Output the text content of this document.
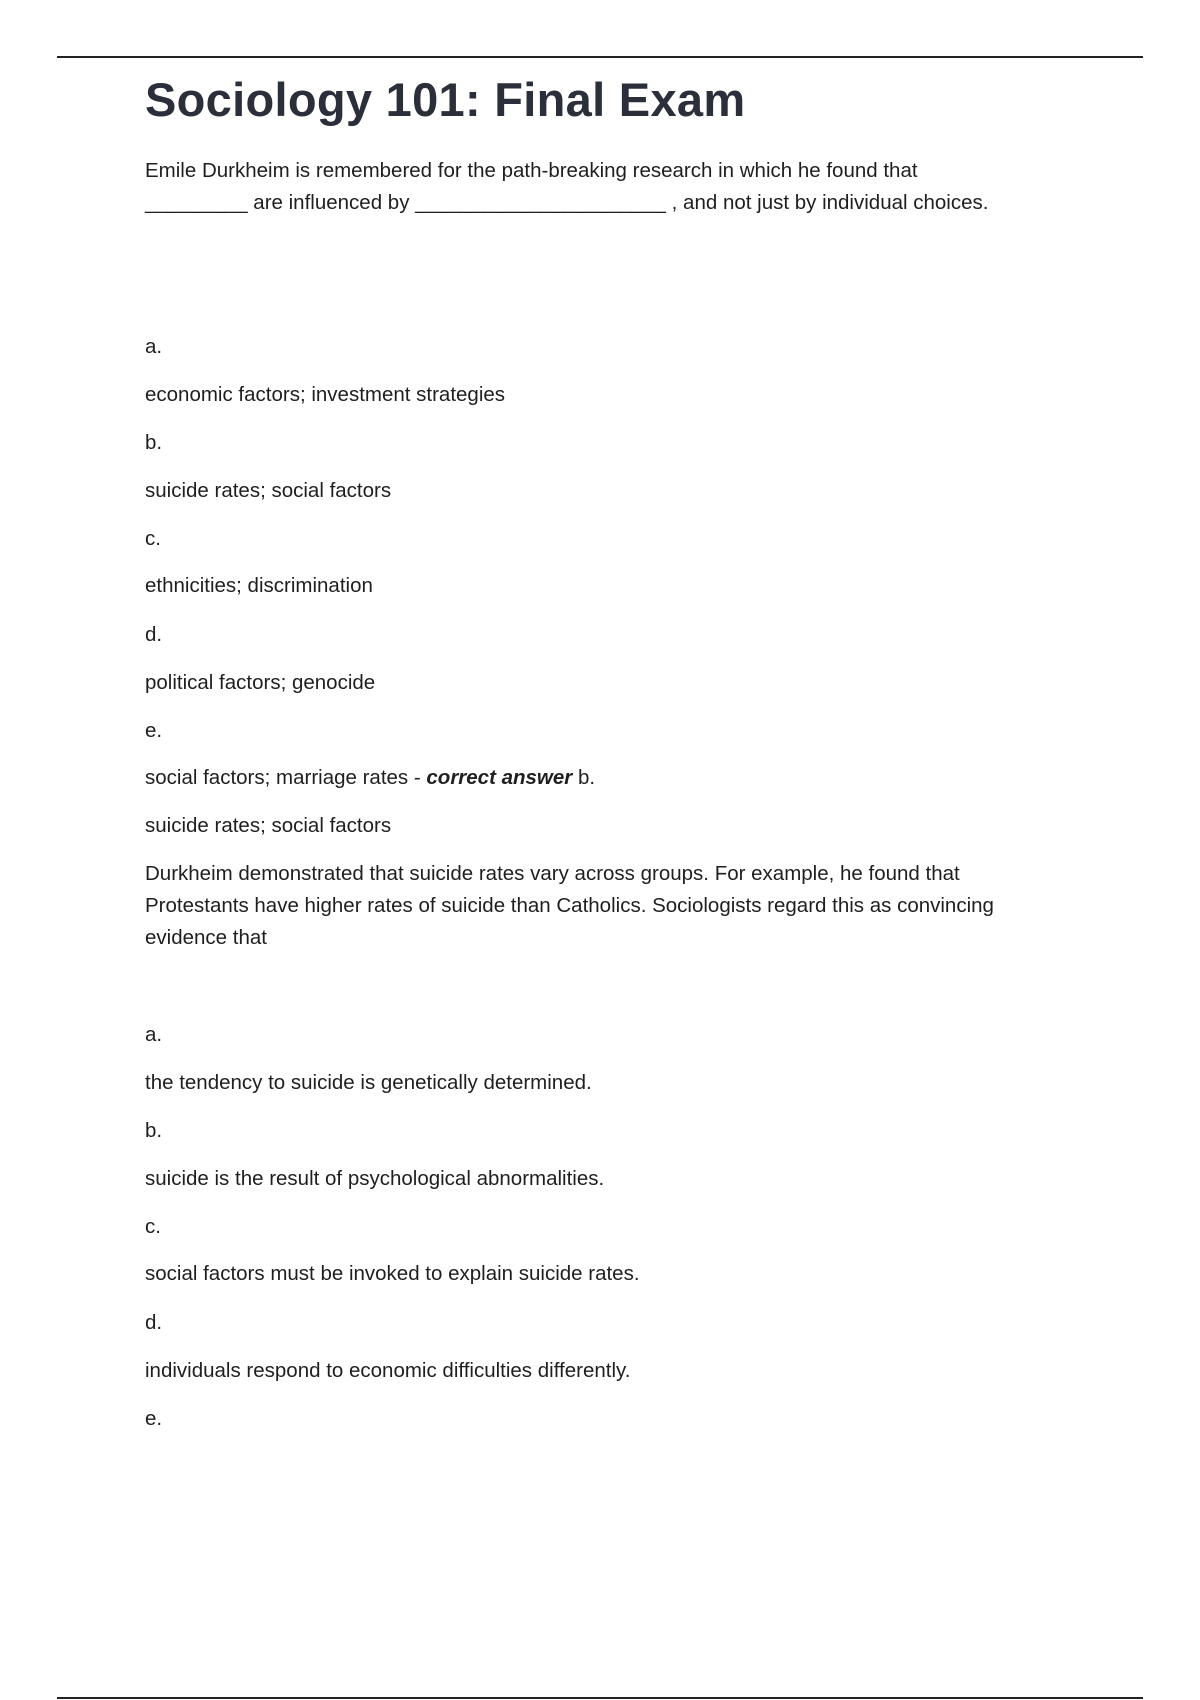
Sociology 101: Final Exam

Emile Durkheim is remembered for the path-breaking research in which he found that

_________ are influenced by ______________________ , and not just by individual choices.

a.

economic factors; investment strategies

b.

suicide rates; social factors

c.

ethnicities; discrimination

d.

political factors; genocide

e.

social factors; marriage rates - correct answer b.

suicide rates; social factors

Durkheim demonstrated that suicide rates vary across groups. For example, he found that Protestants have higher rates of suicide than Catholics. Sociologists regard this as convincing evidence that

a.

the tendency to suicide is genetically determined.

b.

suicide is the result of psychological abnormalities.

c.

social factors must be invoked to explain suicide rates.

d.

individuals respond to economic difficulties differently.

e.
